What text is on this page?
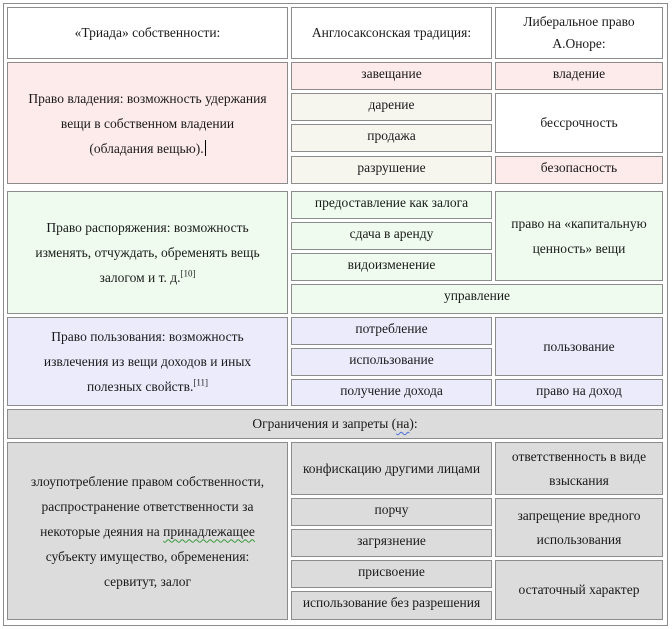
«Триада» собственности:	Англосаксонская традиция:
Либеральное право
А.Оноре:
Право владения: возможность удержания
вещи в собственном владении
(обладания вещью).
завещание
дарение
продажа
разрушение
владение
бессрочность
безопасность
Право распоряжения: возможность
изменять, отчуждать, обременять вещь
залогом и т. д.[10]
предоставление как залога
сдача в аренду
видоизменение
право на «капитальную
ценность» вещи
управление
Право пользования: возможность
извлечения из вещи доходов и иных
полезных свойств.[11]
потребление
использование
получение дохода
пользование
право на доход
Ограничения и запреты (на):
злоупотребление правом собственности,
распространение ответственности за
некоторые деяния на принадлежащее
субъекту имущество, обременения:
сервитут, залог
конфискацию другими лицами
порчу
загрязнение
присвоение
использование без разрешения
ответственность в виде
взыскания
запрещение вредного
использования
остаточный характер
